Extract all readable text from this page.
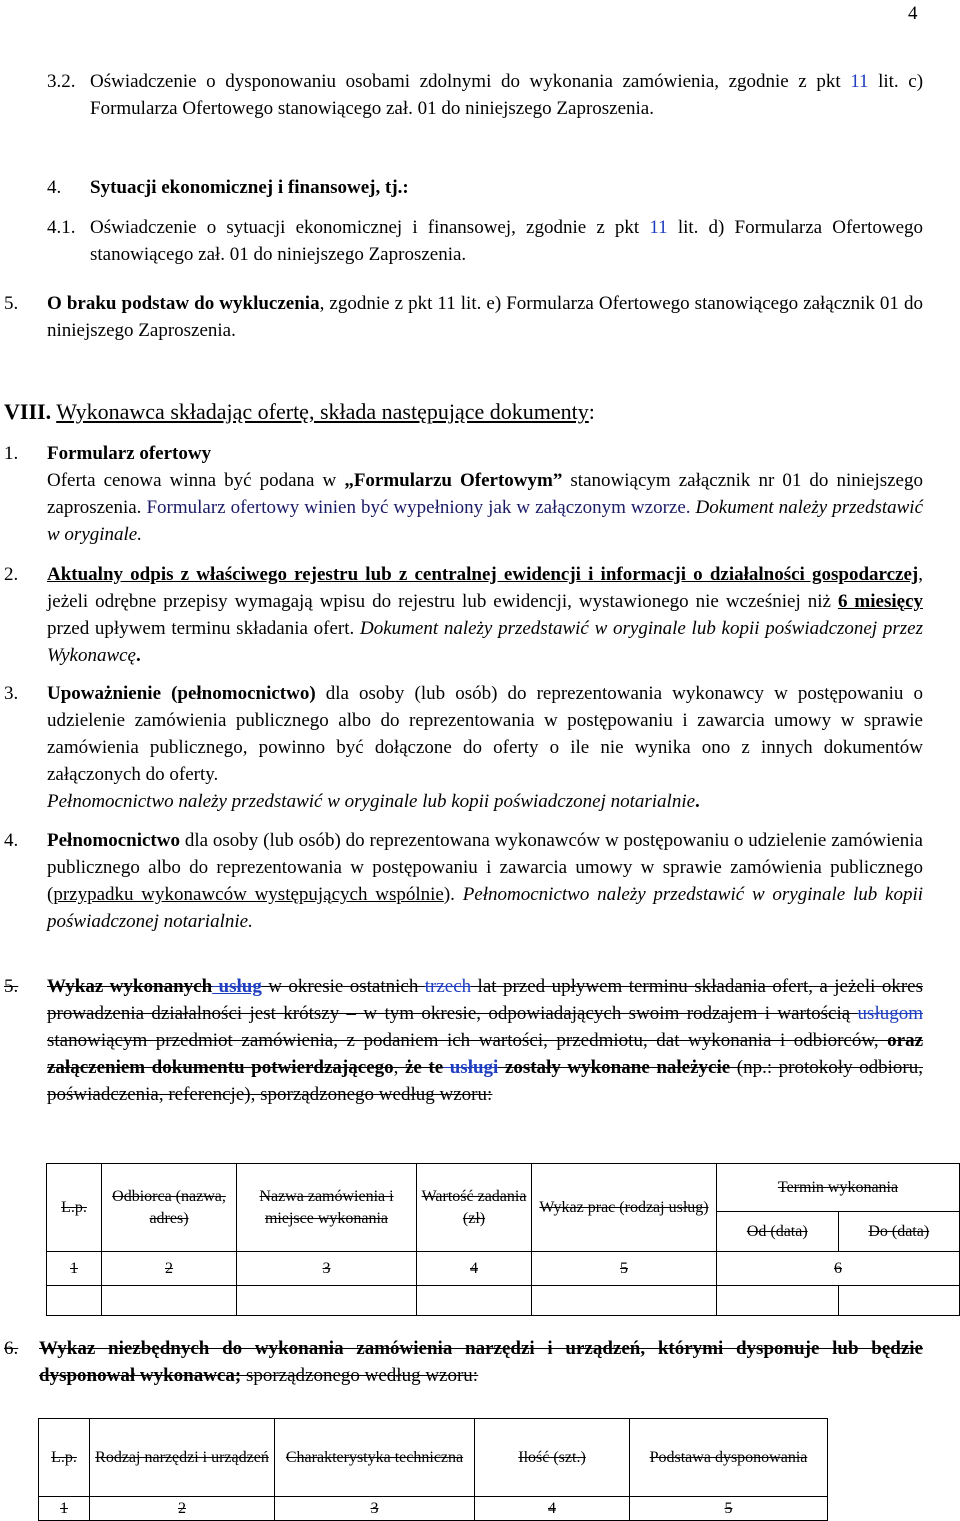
4
3.2. Oświadczenie o dysponowaniu osobami zdolnymi do wykonania zamówienia, zgodnie z pkt 11 lit. c) Formularza Ofertowego stanowiącego zał. 01 do niniejszego Zaproszenia.
4. Sytuacji ekonomicznej i finansowej, tj.:
4.1. Oświadczenie o sytuacji ekonomicznej i finansowej, zgodnie z pkt 11 lit. d) Formularza Ofertowego stanowiącego zał. 01 do niniejszego Zaproszenia.
5. O braku podstaw do wykluczenia, zgodnie z pkt 11 lit. e) Formularza Ofertowego stanowiącego załącznik 01 do niniejszego Zaproszenia.
VIII. Wykonawca składając ofertę, składa następujące dokumenty:
1. Formularz ofertowy
Oferta cenowa winna być podana w „Formularzu Ofertowym” stanowiącym załącznik nr 01 do niniejszego zaproszenia. Formularz ofertowy winien być wypełniony jak w załączonym wzorze. Dokument należy przedstawić w oryginale.
2. Aktualny odpis z właściwego rejestru lub z centralnej ewidencji i informacji o działalności gospodarczej, jeżeli odrębne przepisy wymagają wpisu do rejestru lub ewidencji, wystawionego nie wcześniej niż 6 miesięcy przed upływem terminu składania ofert. Dokument należy przedstawić w oryginale lub kopii poświadczonej przez Wykonawcę.
3. Upoważnienie (pełnomocnictwo) dla osoby (lub osób) do reprezentowania wykonawcy w postępowaniu o udzielenie zamówienia publicznego albo do reprezentowania w postępowaniu i zawarcia umowy w sprawie zamówienia publicznego, powinno być dołączone do oferty o ile nie wynika ono z innych dokumentów załączonych do oferty.
Pełnomocnictwo należy przedstawić w oryginale lub kopii poświadczonej notarialnie.
4. Pełnomocnictwo dla osoby (lub osób) do reprezentowana wykonawców w postępowaniu o udzielenie zamówienia publicznego albo do reprezentowania w postępowaniu i zawarcia umowy w sprawie zamówienia publicznego (przypadku wykonawców występujących wspólnie). Pełnomocnictwo należy przedstawić w oryginale lub kopii poświadczonej notarialnie.
5. Wykaz wykonanych usług w okresie ostatnich trzech lat przed upływem terminu składania ofert, a jeżeli okres prowadzenia działalności jest krótszy – w tym okresie, odpowiadających swoim rodzajem i wartością usługom stanowiącym przedmiot zamówienia, z podaniem ich wartości, przedmiotu, dat wykonania i odbiorców, oraz załączeniem dokumentu potwierdzającego, że te usługi zostały wykonane należycie (np.: protokoły odbioru, poświadczenia, referencje), sporządzonego według wzoru:
L.p.	Odbiorca (nazwa, adres)	Nazwa zamówienia i miejsce wykonania	Wartość zadania (zł)	Wykaz prac (rodzaj usług)	Termin wykonania	
					Od (data)	Do (data)
1	2	3	4	5	6	

6. Wykaz niezbędnych do wykonania zamówienia narzędzi i urządzeń, którymi dysponuje lub będzie dysponował wykonawca; sporządzonego według wzoru:
L.p.	Rodzaj narzędzi i urządzeń	Charakterystyka techniczna	Ilość (szt.)	Podstawa dysponowania
1	2	3	4	5
